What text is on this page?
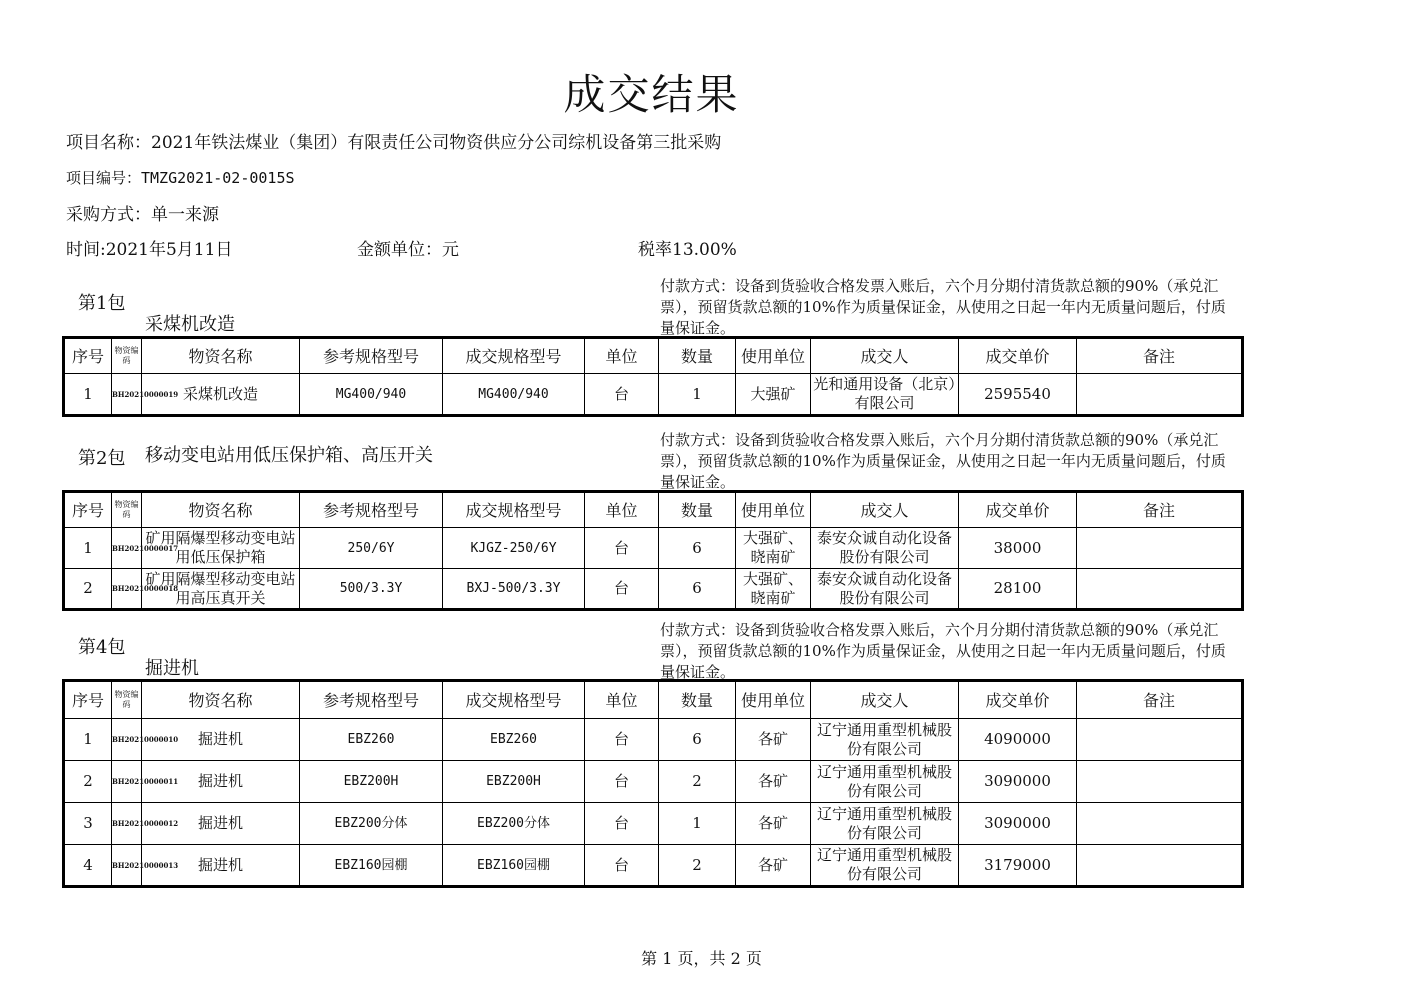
成交结果
项目名称：2021年铁法煤业（集团）有限责任公司物资供应分公司综机设备第三批采购
项目编号：TMZG2021-02-0015S
采购方式：单一来源
时间:2021年5月11日	金额单位：元	税率13.00%
第1包
采煤机改造
付款方式：设备到货验收合格发票入账后，六个月分期付清货款总额的90%（承兑汇票），预留货款总额的10%作为质量保证金，从使用之日起一年内无质量问题后，付质量保证金。
序号	物资编码	物资名称	参考规格型号	成交规格型号	单位	数量	使用单位	成交人	成交单价	备注
1	BH20210000019	采煤机改造	MG400/940	MG400/940	台	1	大强矿	光和通用设备（北京）有限公司	2595540	
第2包 移动变电站用低压保护箱、高压开关
付款方式：设备到货验收合格发票入账后，六个月分期付清货款总额的90%（承兑汇票），预留货款总额的10%作为质量保证金，从使用之日起一年内无质量问题后，付质量保证金。
序号	物资编码	物资名称	参考规格型号	成交规格型号	单位	数量	使用单位	成交人	成交单价	备注
1	BH20210000017	矿用隔爆型移动变电站用低压保护箱	250/6Y	KJGZ-250/6Y	台	6	大强矿、晓南矿	泰安众诚自动化设备股份有限公司	38000	
2	BH20210000018	矿用隔爆型移动变电站用高压真开关	500/3.3Y	BXJ-500/3.3Y	台	6	大强矿、晓南矿	泰安众诚自动化设备股份有限公司	28100	
第4包
掘进机
付款方式：设备到货验收合格发票入账后，六个月分期付清货款总额的90%（承兑汇票），预留货款总额的10%作为质量保证金，从使用之日起一年内无质量问题后，付质量保证金。
序号	物资编码	物资名称	参考规格型号	成交规格型号	单位	数量	使用单位	成交人	成交单价	备注
1	BH20210000010	掘进机	EBZ260	EBZ260	台	6	各矿	辽宁通用重型机械股份有限公司	4090000	
2	BH20210000011	掘进机	EBZ200H	EBZ200H	台	2	各矿	辽宁通用重型机械股份有限公司	3090000	
3	BH20210000012	掘进机	EBZ200分体	EBZ200分体	台	1	各矿	辽宁通用重型机械股份有限公司	3090000	
4	BH20210000013	掘进机	EBZ160园棚	EBZ160园棚	台	2	各矿	辽宁通用重型机械股份有限公司	3179000	
第 1 页，共 2 页
